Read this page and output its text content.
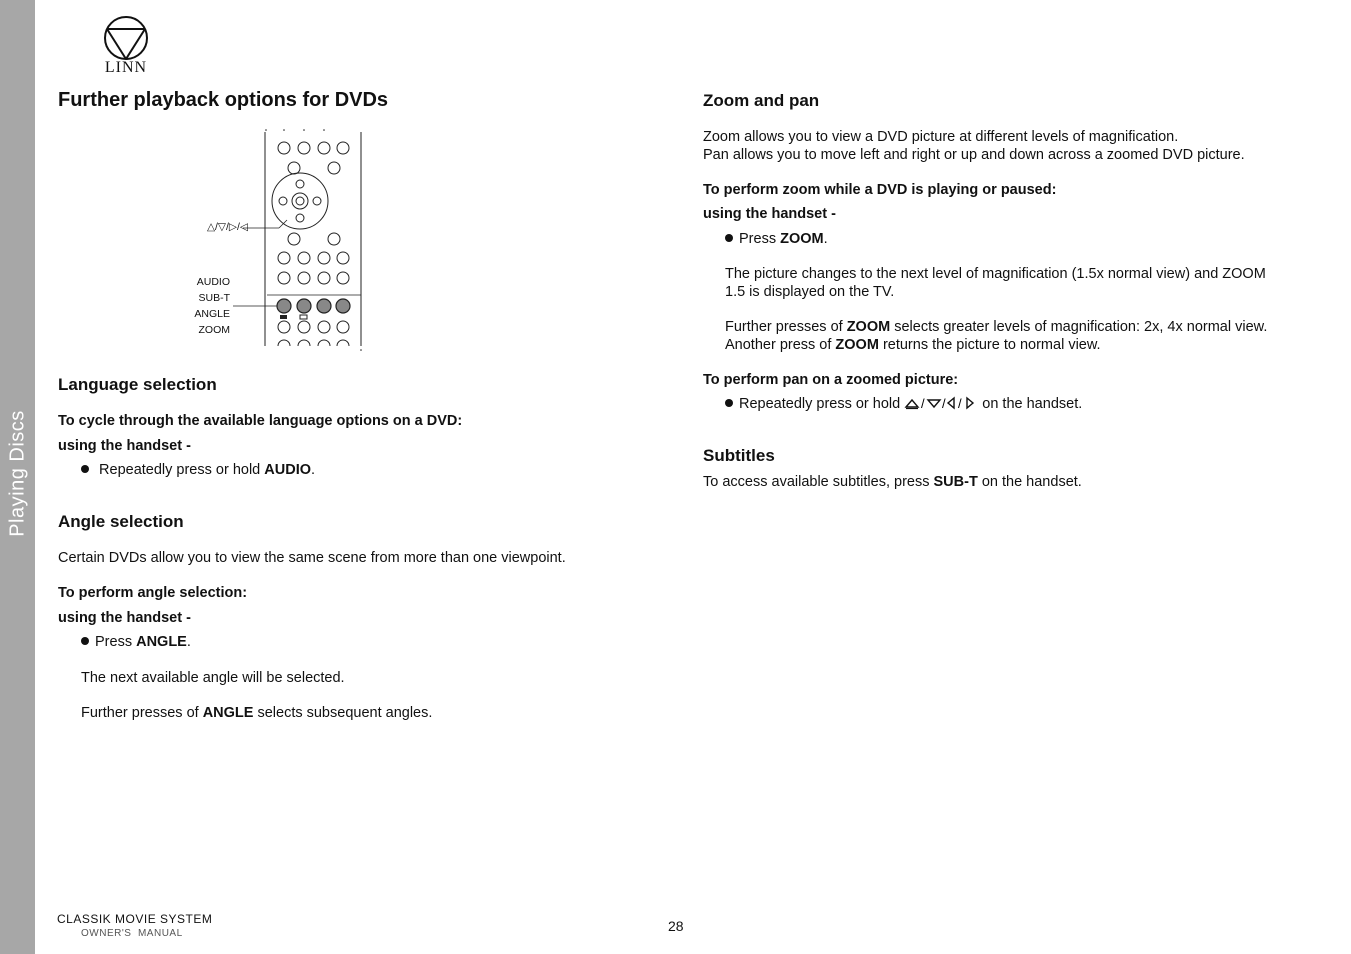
Playing Discs
LINN
Further playback options for DVDs
△/▽/▷/◁
AUDIO
SUB-T
ANGLE
ZOOM
Language selection
To cycle through the available language options on a DVD:
using the handset -
Repeatedly press or hold AUDIO.
Angle selection
Certain DVDs allow you to view the same scene from more than one viewpoint.
To perform angle selection:
using the handset -
Press ANGLE.
The next available angle will be selected.
Further presses of ANGLE selects subsequent angles.
Zoom and pan
Zoom allows you to view a DVD picture at different levels of magnification.
Pan allows you to move left and right or up and down across a zoomed DVD picture.
To perform zoom while a DVD is playing or paused:
using the handset -
Press ZOOM.
The picture changes to the next level of magnification (1.5x normal view) and ZOOM
1.5 is displayed on the TV.
Further presses of ZOOM selects greater levels of magnification: 2x, 4x normal view.
Another press of ZOOM returns the picture to normal view.
To perform pan on a zoomed picture:
Repeatedly press or hold / / / on the handset.
Subtitles
To access available subtitles, press SUB-T on the handset.
CLASSIK MOVIE SYSTEM
OWNER'S  MANUAL	28
